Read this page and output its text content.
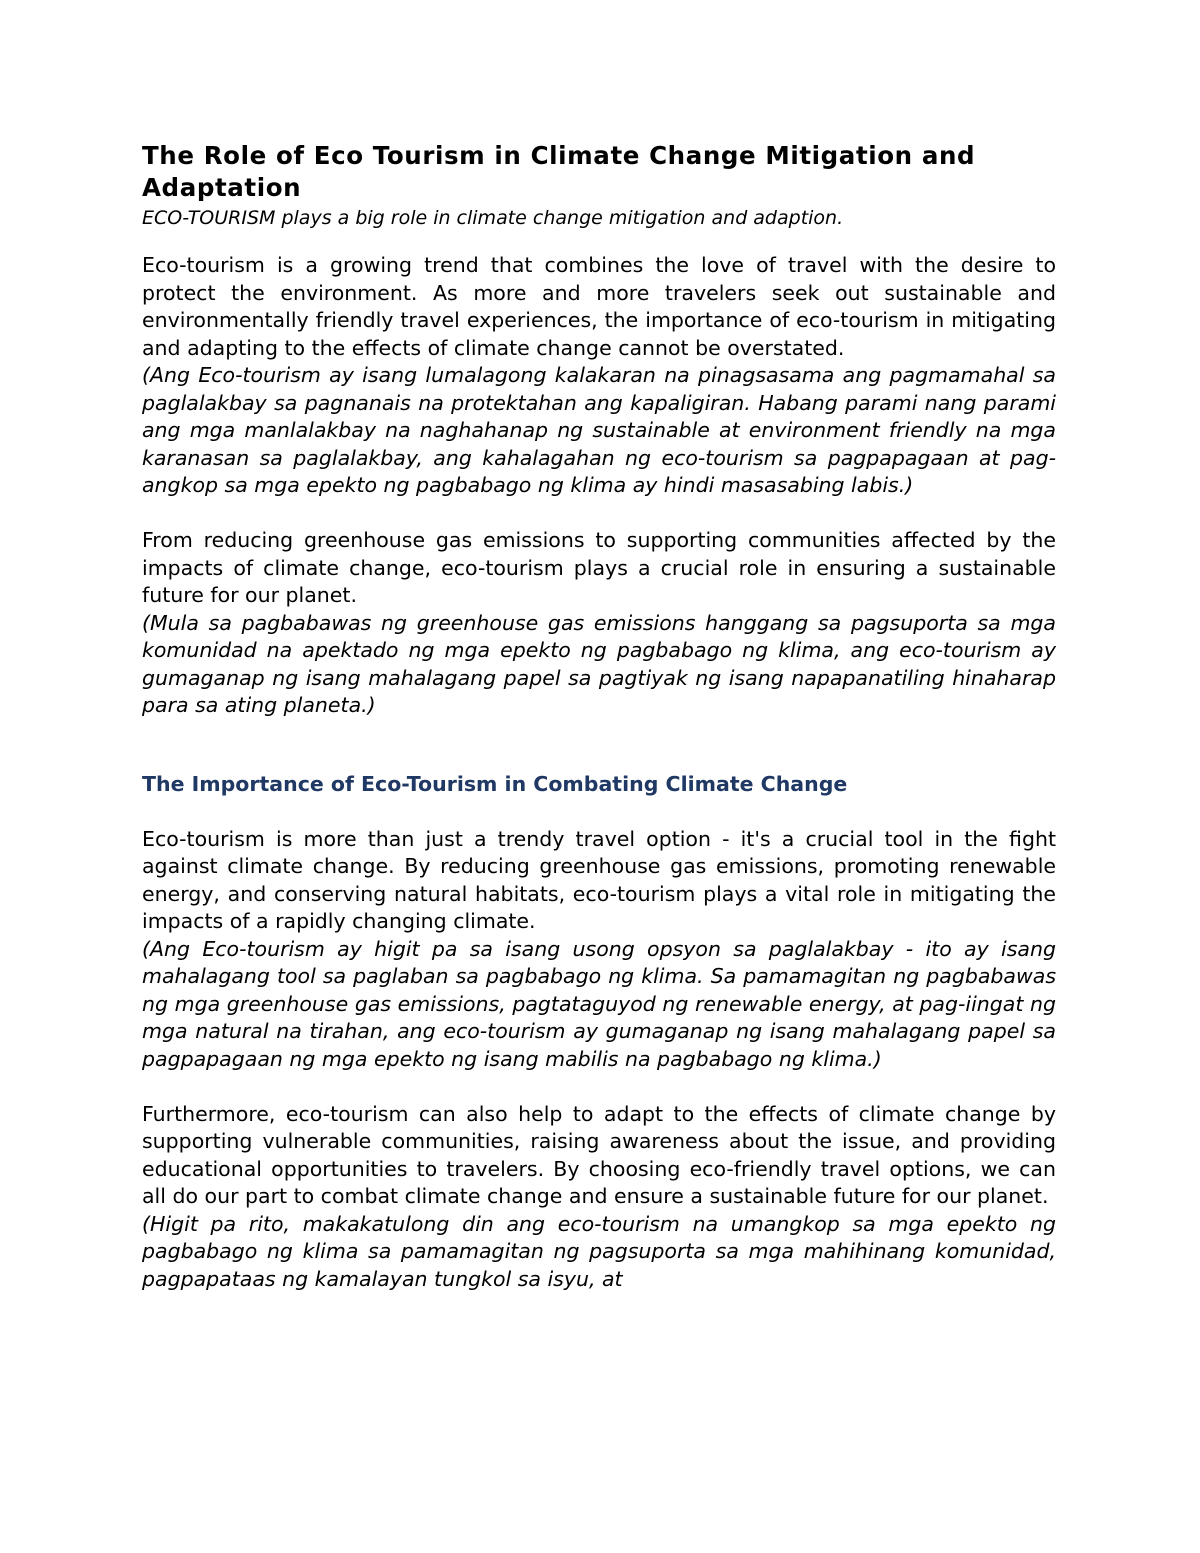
The Role of Eco Tourism in Climate Change Mitigation and Adaptation
ECO-TOURISM plays a big role in climate change mitigation and adaption.

Eco-tourism is a growing trend that combines the love of travel with the desire to protect the environment. As more and more travelers seek out sustainable and environmentally friendly travel experiences, the importance of eco-tourism in mitigating and adapting to the effects of climate change cannot be overstated.

(Ang Eco-tourism ay isang lumalagong kalakaran na pinagsasama ang pagmamahal sa paglalakbay sa pagnanais na protektahan ang kapaligiran. Habang parami nang parami ang mga manlalakbay na naghahanap ng sustainable at environment friendly na mga karanasan sa paglalakbay, ang kahalagahan ng eco-tourism sa pagpapagaan at pag-angkop sa mga epekto ng pagbabago ng klima ay hindi masasabing labis.)

From reducing greenhouse gas emissions to supporting communities affected by the impacts of climate change, eco-tourism plays a crucial role in ensuring a sustainable future for our planet.

(Mula sa pagbabawas ng greenhouse gas emissions hanggang sa pagsuporta sa mga komunidad na apektado ng mga epekto ng pagbabago ng klima, ang eco-tourism ay gumaganap ng isang mahalagang papel sa pagtiyak ng isang napapanatiling hinaharap para sa ating planeta.)

The Importance of Eco-Tourism in Combating Climate Change

Eco-tourism is more than just a trendy travel option - it's a crucial tool in the fight against climate change. By reducing greenhouse gas emissions, promoting renewable energy, and conserving natural habitats, eco-tourism plays a vital role in mitigating the impacts of a rapidly changing climate.

(Ang Eco-tourism ay higit pa sa isang usong opsyon sa paglalakbay - ito ay isang mahalagang tool sa paglaban sa pagbabago ng klima. Sa pamamagitan ng pagbabawas ng mga greenhouse gas emissions, pagtataguyod ng renewable energy, at pag-iingat ng mga natural na tirahan, ang eco-tourism ay gumaganap ng isang mahalagang papel sa pagpapagaan ng mga epekto ng isang mabilis na pagbabago ng klima.)

Furthermore, eco-tourism can also help to adapt to the effects of climate change by supporting vulnerable communities, raising awareness about the issue, and providing educational opportunities to travelers. By choosing eco-friendly travel options, we can all do our part to combat climate change and ensure a sustainable future for our planet.

(Higit pa rito, makakatulong din ang eco-tourism na umangkop sa mga epekto ng pagbabago ng klima sa pamamagitan ng pagsuporta sa mga mahihinang komunidad, pagpapataas ng kamalayan tungkol sa isyu, at
